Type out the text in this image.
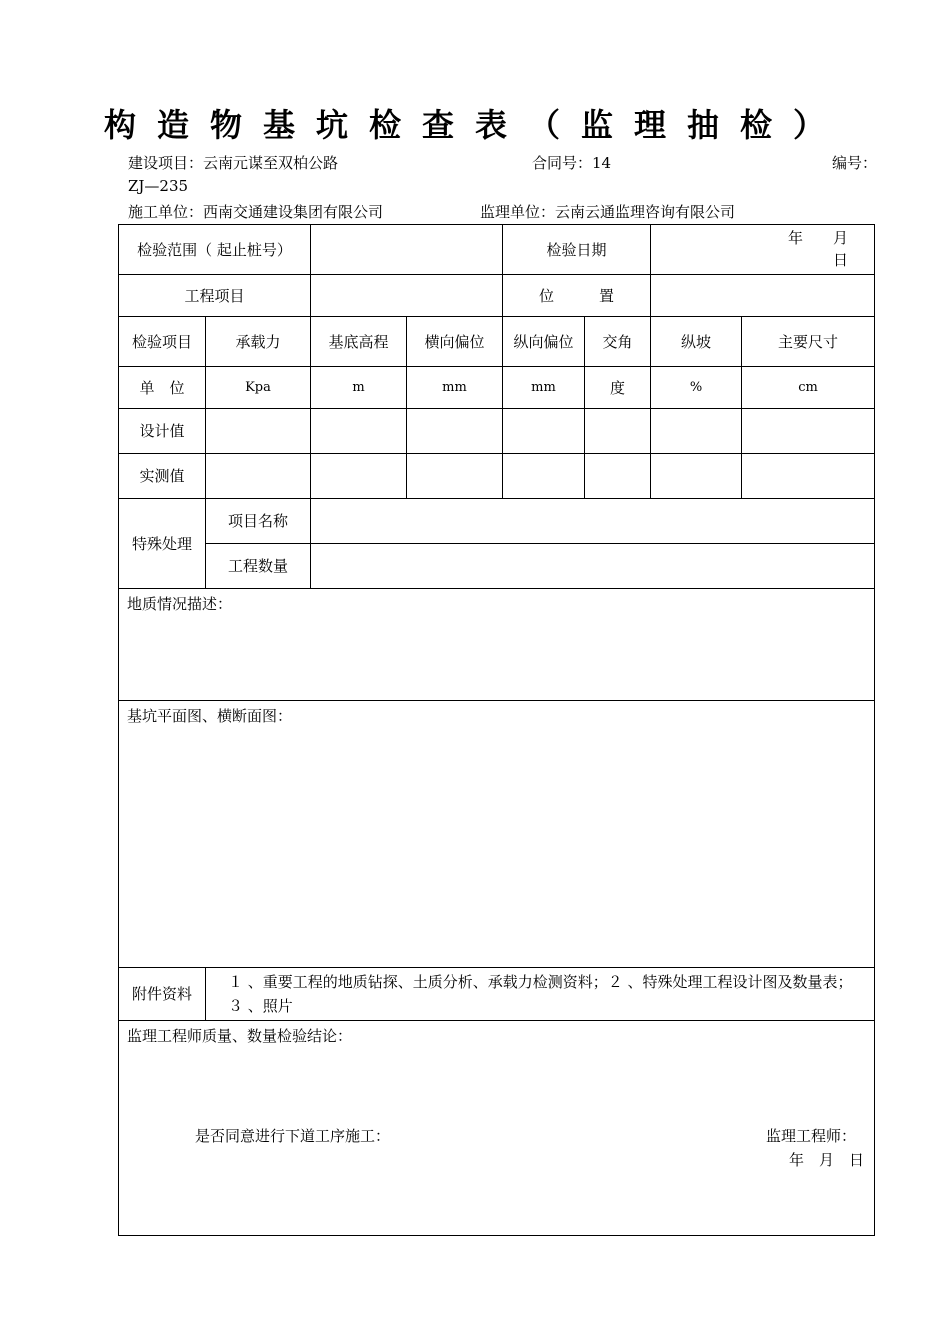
构造物基坑检查表（监理抽检）
建设项目：云南元谋至双柏公路	合同号：14	编号：
ZJ—235
施工单位：西南交通建设集团有限公司	监理单位：云南云通监理咨询有限公司
检验范围（ 起止桩号）				检验日期		年　　月
日	

工程项目				位　　　置			
检验项目	承载力	基底高程	横向偏位	纵向偏位	交角	纵坡	主要尺寸
单　位	Kpa	m	mm	mm	度	%	cm
设计值							
实测值							
特殊处理	项目名称						
	工程数量						
地质情况描述：							
基坑平面图、横断面图：							
附件资料	１ 、重要工程的地质钻探、土质分析、承载力检测资料；２ 、特殊处理工程设计图及数量表；３ 、照片						

监理工程师质量、数量检验结论：
是否同意进行下道工序施工： 监理工程师：
年　月　日							
